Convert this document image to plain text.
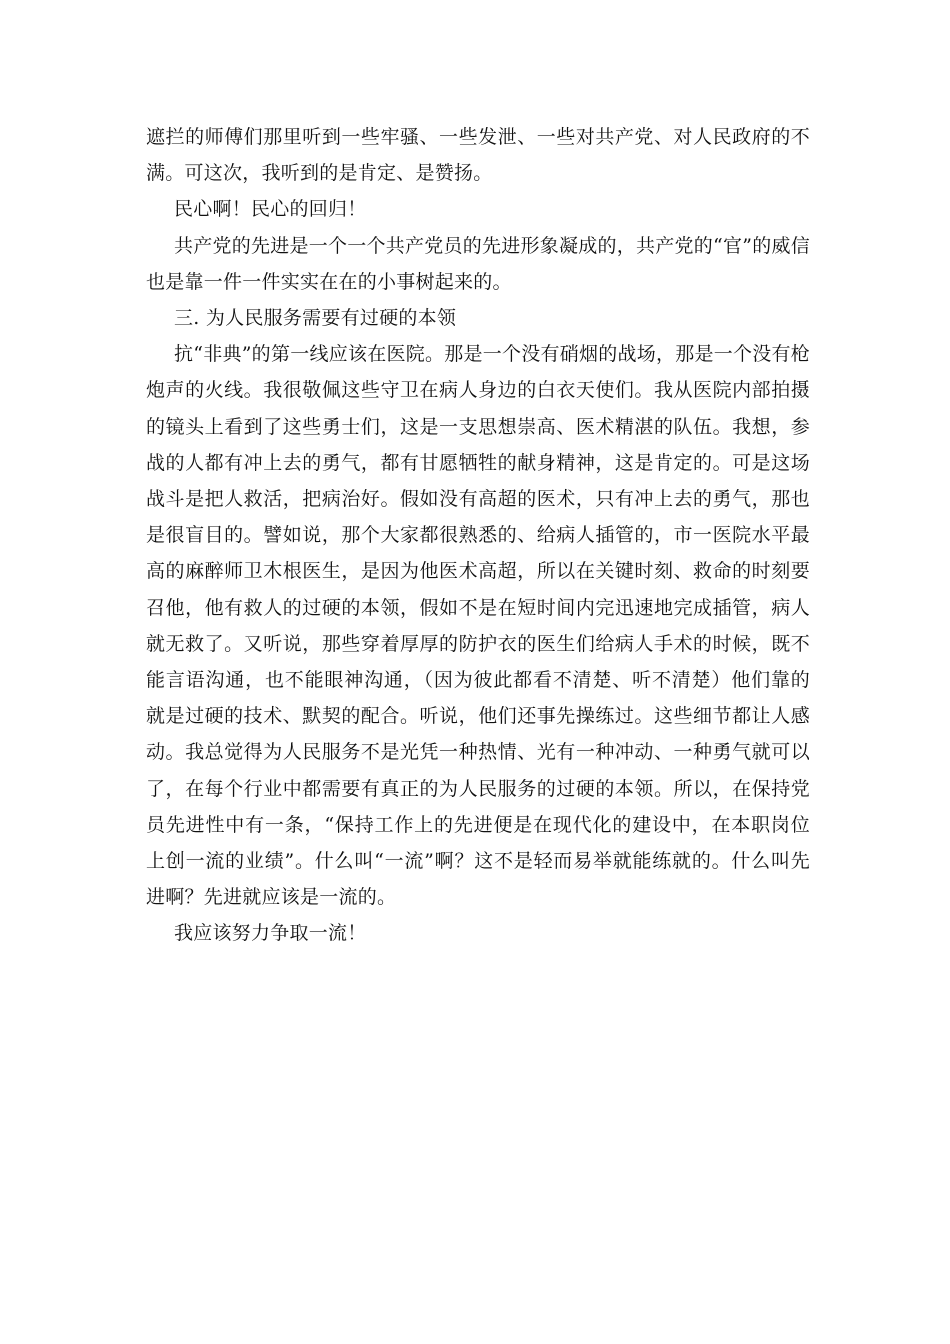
遮拦的师傅们那里听到一些牢骚、一些发泄、一些对共产党、对人民政府的不满。可这次，我听到的是肯定、是赞扬。

民心啊！民心的回归！

共产党的先进是一个一个共产党员的先进形象凝成的，共产党的“官”的威信也是靠一件一件实实在在的小事树起来的。

三. 为人民服务需要有过硬的本领

抗“非典”的第一线应该在医院。那是一个没有硝烟的战场，那是一个没有枪炮声的火线。我很敬佩这些守卫在病人身边的白衣天使们。我从医院内部拍摄的镜头上看到了这些勇士们，这是一支思想崇高、医术精湛的队伍。我想，参战的人都有冲上去的勇气，都有甘愿牺牲的献身精神，这是肯定的。可是这场战斗是把人救活，把病治好。假如没有高超的医术，只有冲上去的勇气，那也是很盲目的。譬如说，那个大家都很熟悉的、给病人插管的，市一医院水平最高的麻醉师卫木根医生，是因为他医术高超，所以在关键时刻、救命的时刻要召他，他有救人的过硬的本领，假如不是在短时间内完迅速地完成插管，病人就无救了。又听说，那些穿着厚厚的防护衣的医生们给病人手术的时候，既不能言语沟通，也不能眼神沟通，（因为彼此都看不清楚、听不清楚）他们靠的就是过硬的技术、默契的配合。听说，他们还事先操练过。这些细节都让人感动。我总觉得为人民服务不是光凭一种热情、光有一种冲动、一种勇气就可以了，在每个行业中都需要有真正的为人民服务的过硬的本领。所以，在保持党员先进性中有一条，“保持工作上的先进便是在现代化的建设中，在本职岗位上创一流的业绩”。什么叫“一流”啊？这不是轻而易举就能练就的。什么叫先进啊？先进就应该是一流的。

我应该努力争取一流！
